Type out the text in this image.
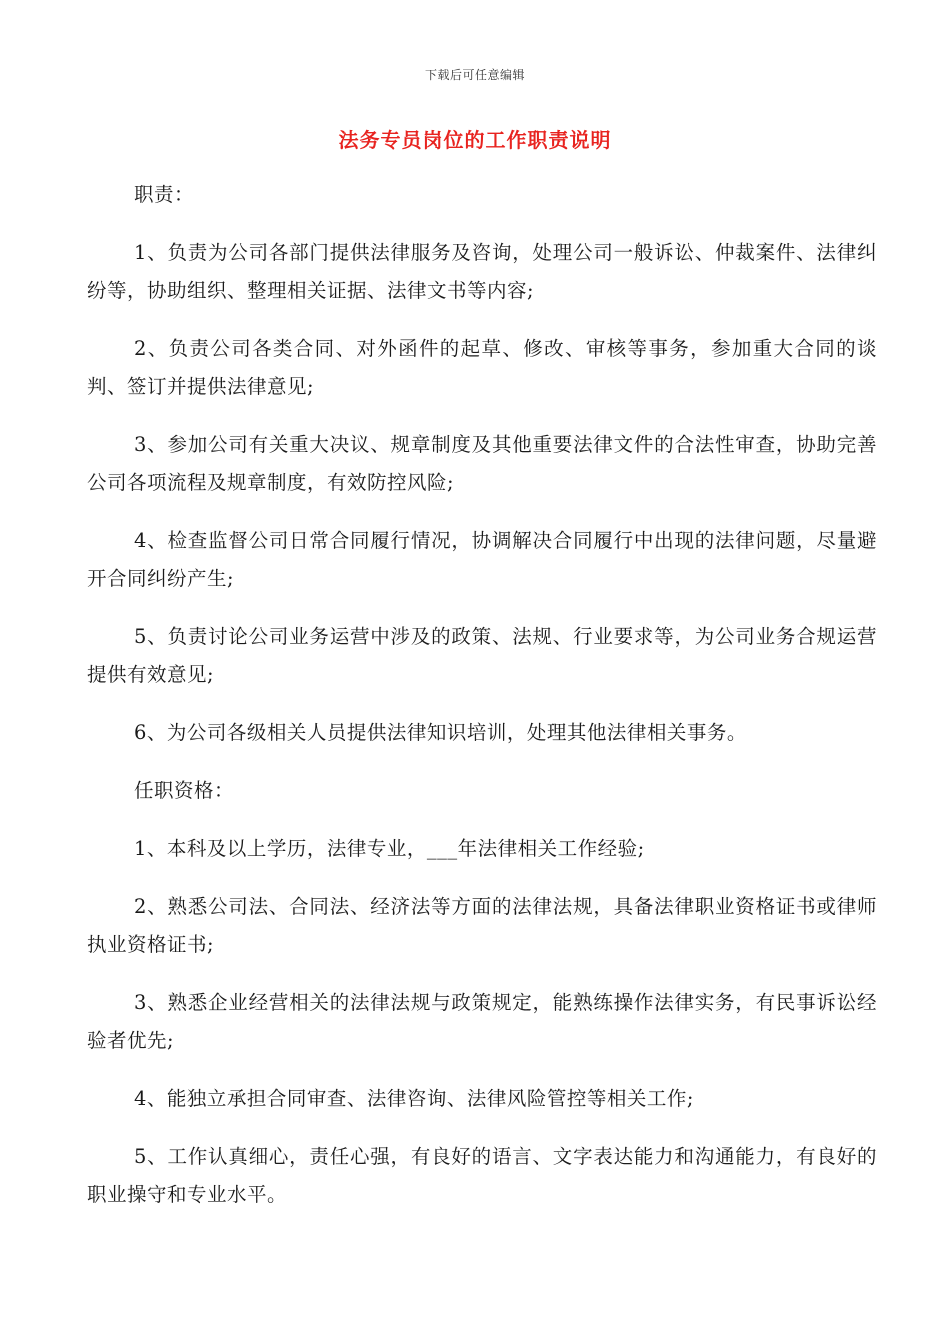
下载后可任意编辑
法务专员岗位的工作职责说明

职责：

1、负责为公司各部门提供法律服务及咨询，处理公司一般诉讼、仲裁案件、法律纠纷等，协助组织、整理相关证据、法律文书等内容;

2、负责公司各类合同、对外函件的起草、修改、审核等事务，参加重大合同的谈判、签订并提供法律意见;

3、参加公司有关重大决议、规章制度及其他重要法律文件的合法性审查，协助完善公司各项流程及规章制度，有效防控风险;

4、检查监督公司日常合同履行情况，协调解决合同履行中出现的法律问题，尽量避开合同纠纷产生;

5、负责讨论公司业务运营中涉及的政策、法规、行业要求等，为公司业务合规运营提供有效意见;

6、为公司各级相关人员提供法律知识培训，处理其他法律相关事务。

任职资格：

1、本科及以上学历，法律专业，___年法律相关工作经验;

2、熟悉公司法、合同法、经济法等方面的法律法规，具备法律职业资格证书或律师执业资格证书;

3、熟悉企业经营相关的法律法规与政策规定，能熟练操作法律实务，有民事诉讼经验者优先;

4、能独立承担合同审查、法律咨询、法律风险管控等相关工作;

5、工作认真细心，责任心强，有良好的语言、文字表达能力和沟通能力，有良好的职业操守和专业水平。
